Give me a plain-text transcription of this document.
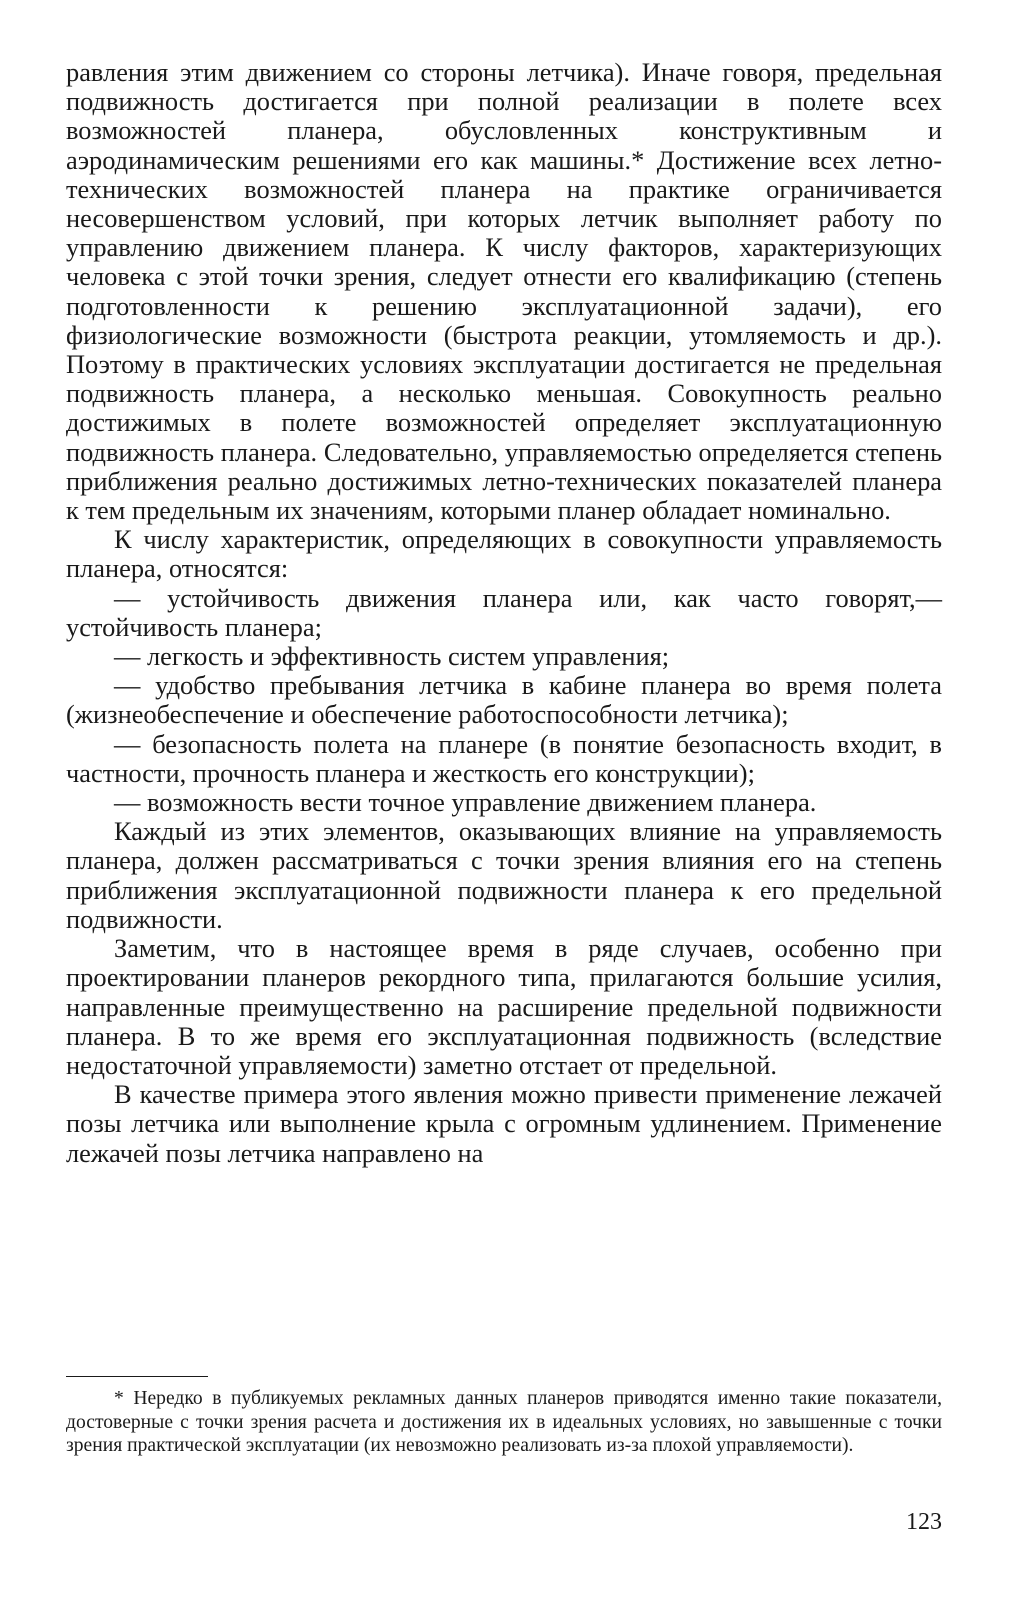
равления этим движением со стороны летчика). Иначе говоря, предельная подвижность достигается при полной реализации в полете всех возможностей планера, обусловленных конструктивным и аэродинамическим решениями его как машины.* Достижение всех летно-технических возможностей планера на практике ограничивается несовершенством условий, при которых летчик выполняет работу по управлению движением планера. К числу факторов, характеризующих человека с этой точки зрения, следует отнести его квалификацию (степень подготовленности к решению эксплуатационной задачи), его физиологические возможности (быстрота реакции, утомляемость и др.). Поэтому в практических условиях эксплуатации достигается не предельная подвижность планера, а несколько меньшая. Совокупность реально достижимых в полете возможностей определяет эксплуатационную подвижность планера. Следовательно, управляемостью определяется степень приближения реально достижимых летно-технических показателей планера к тем предельным их значениям, которыми планер обладает номинально.

К числу характеристик, определяющих в совокупности управляемость планера, относятся:

— устойчивость движения планера или, как часто говорят,— устойчивость планера;

— легкость и эффективность систем управления;

— удобство пребывания летчика в кабине планера во время полета (жизнеобеспечение и обеспечение работоспособности летчика);

— безопасность полета на планере (в понятие безопасность входит, в частности, прочность планера и жесткость его конструкции);

— возможность вести точное управление движением планера.

Каждый из этих элементов, оказывающих влияние на управляемость планера, должен рассматриваться с точки зрения влияния его на степень приближения эксплуатационной подвижности планера к его предельной подвижности.

Заметим, что в настоящее время в ряде случаев, особенно при проектировании планеров рекордного типа, прилагаются большие усилия, направленные преимущественно на расширение предельной подвижности планера. В то же время его эксплуатационная подвижность (вследствие недостаточной управляемости) заметно отстает от предельной.

В качестве примера этого явления можно привести применение лежачей позы летчика или выполнение крыла с огромным удлинением. Применение лежачей позы летчика направлено на

* Нередко в публикуемых рекламных данных планеров приводятся именно такие показатели, достоверные с точки зрения расчета и достижения их в идеальных условиях, но завышенные с точки зрения практической эксплуатации (их невозможно реализовать из-за плохой управляемости).

123
